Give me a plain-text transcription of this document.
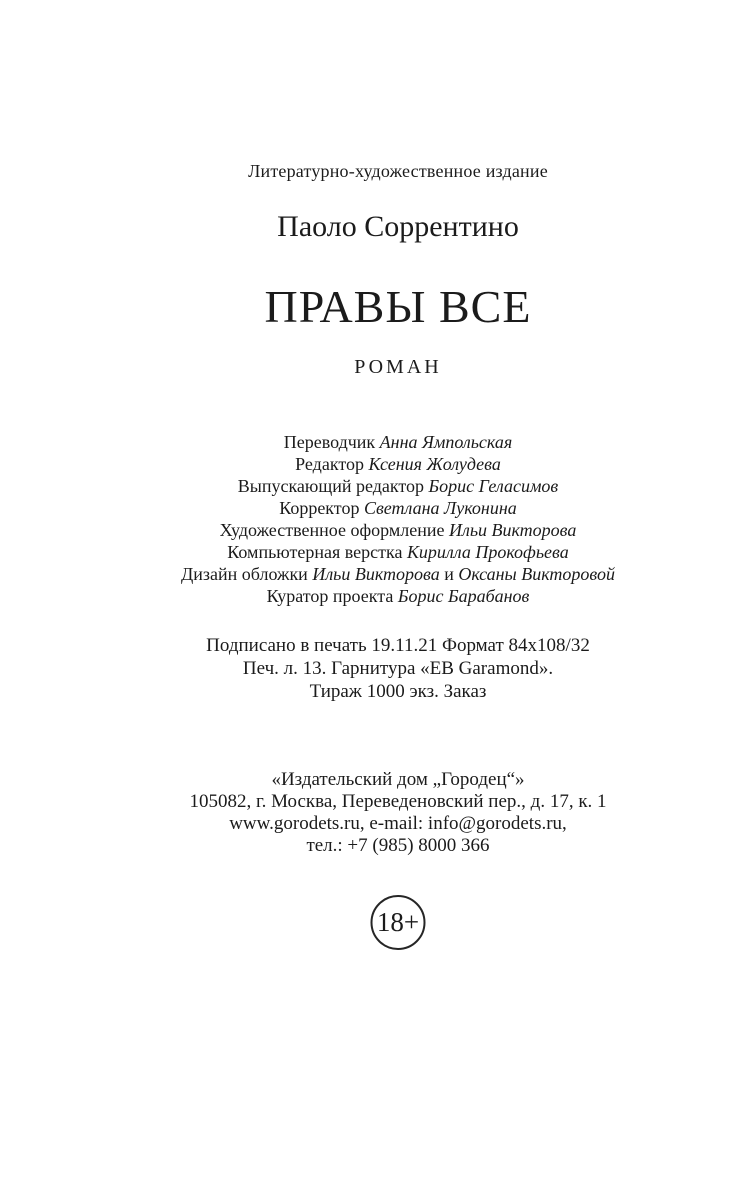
Литературно-художественное издание
Паоло Соррентино
ПРАВЫ ВСЕ
РОМАН
Переводчик Анна Ямпольская
Редактор Ксения Жолудева
Выпускающий редактор Борис Геласимов
Корректор Светлана Луконина
Художественное оформление Ильи Викторова
Компьютерная верстка Кирилла Прокофьева
Дизайн обложки Ильи Викторова и Оксаны Викторовой
Куратор проекта Борис Барабанов
Подписано в печать 19.11.21 Формат 84х108/32
Печ. л. 13. Гарнитура «EB Garamond».
Тираж 1000 экз. Заказ
«Издательский дом „Городец“»
105082, г. Москва, Переведеновский пер., д. 17, к. 1
www.gorodets.ru, e-mail: info@gorodets.ru,
тел.: +7 (985) 8000 366
18+
